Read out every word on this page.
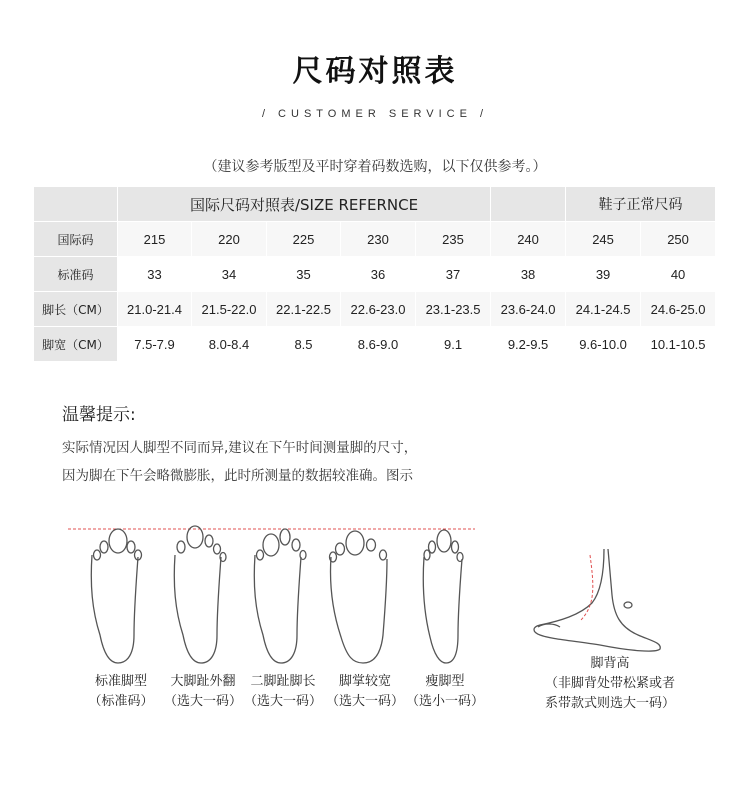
尺码对照表
/ CUSTOMER SERVICE /
（建议参考版型及平时穿着码数选购，以下仅供参考。）
	国际尺码对照表/SIZE REFERNCE						鞋子正常尺码	
国际码	215	220	225	230	235	240	245	250
标准码	33	34	35	36	37	38	39	40
脚长（CM）	21.0-21.4	21.5-22.0	22.1-22.5	22.6-23.0	23.1-23.5	23.6-24.0	24.1-24.5	24.6-25.0
脚宽（CM）	7.5-7.9	8.0-8.4	8.5	8.6-9.0	9.1	9.2-9.5	9.6-10.0	10.1-10.5
温馨提示:

实际情况因人脚型不同而异,建议在下午时间测量脚的尺寸，

因为脚在下午会略微膨胀，此时所测量的数据较准确。图示

标准脚型
（标准码）
大脚趾外翻
（选大一码）
二脚趾脚长
（选大一码）
脚掌较宽
（选大一码）
瘦脚型
（选小一码）
脚背高
（非脚背处带松紧或者
系带款式则选大一码）
